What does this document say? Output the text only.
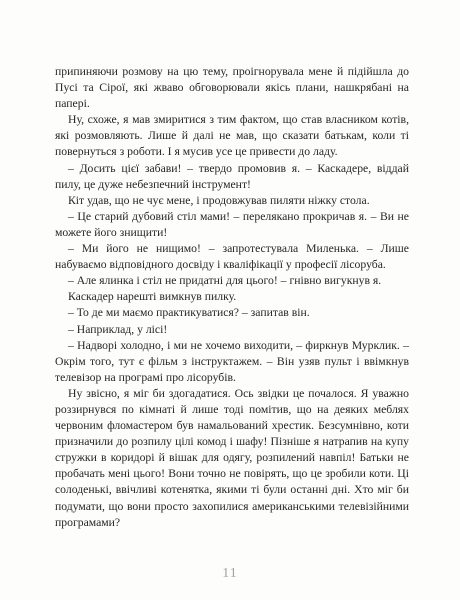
припиняючи розмову на цю тему, проігнорувала мене й підійшла до Пусі та Сірої, які жваво обговорювали якісь плани, нашкрябані на папері.

Ну, схоже, я мав змиритися з тим фактом, що став власником котів, які розмовляють. Лише й далі не мав, що сказати батькам, коли ті повернуться з роботи. І я мусив усе це привести до ладу.

– Досить цієї забави! – твердо промовив я. – Каскадере, віддай пилу, це дуже небезпечний інструмент!

Кіт удав, що не чує мене, і продовжував пиляти ніжку стола.

– Це старий дубовий стіл мами! – перелякано прокричав я. – Ви не можете його знищити!

– Ми його не нищимо! – запротестувала Миленька. – Лише набуваємо відповідного досвіду і кваліфікації у професії лісоруба.

– Але ялинка і стіл не придатні для цього! – гнівно вигукнув я.

Каскадер нарешті вимкнув пилку.

– То де ми маємо практикуватися? – запитав він.

– Наприклад, у лісі!

– Надворі холодно, і ми не хочемо виходити, – фиркнув Мурклик. – Окрім того, тут є фільм з інструктажем. – Він узяв пульт і ввімкнув телевізор на програмі про лісорубів.

Ну звісно, я міг би здогадатися. Ось звідки це почалося. Я уважно роззирнувся по кімнаті й лише тоді помітив, що на деяких меблях червоним фломастером був намальований хрестик. Безсумнівно, коти призначили до розпилу цілі комод і шафу! Пізніше я натрапив на купу стружки в коридорі й вішак для одягу, розпилений навпіл! Батьки не пробачать мені цього! Вони точно не повірять, що це зробили коти. Ці солоденькі, ввічливі котенятка, якими ті були останні дні. Хто міг би подумати, що вони просто захопилися американськими телевізійними програмами?

11
